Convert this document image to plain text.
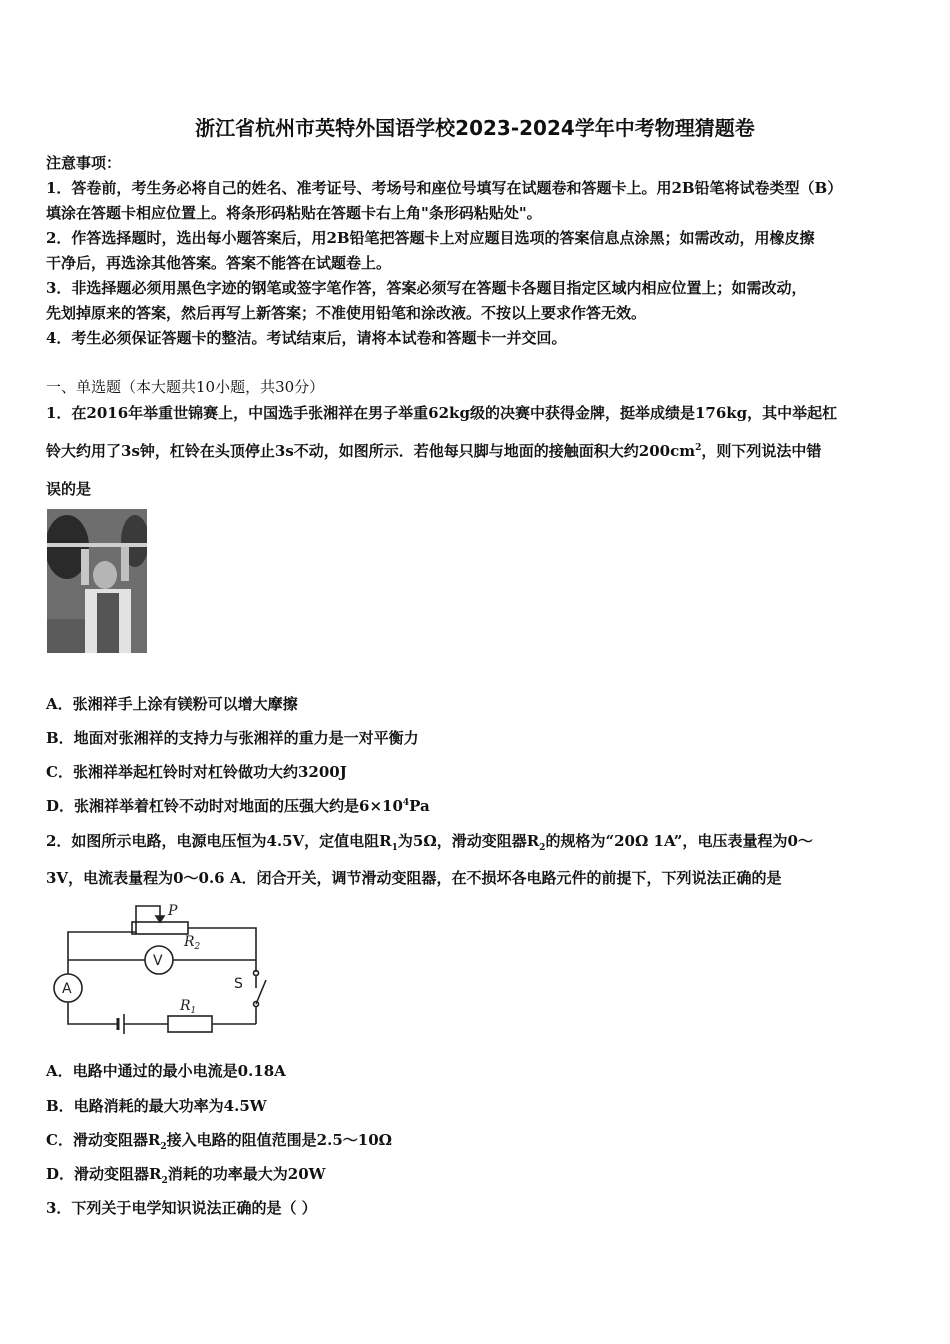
浙江省杭州市英特外国语学校2023-2024学年中考物理猜题卷
注意事项：
1．答卷前，考生务必将自己的姓名、准考证号、考场号和座位号填写在试题卷和答题卡上。用2B铅笔将试卷类型（B）
填涂在答题卡相应位置上。将条形码粘贴在答题卡右上角"条形码粘贴处"。
2．作答选择题时，选出每小题答案后，用2B铅笔把答题卡上对应题目选项的答案信息点涂黑；如需改动，用橡皮擦
干净后，再选涂其他答案。答案不能答在试题卷上。
3．非选择题必须用黑色字迹的钢笔或签字笔作答，答案必须写在答题卡各题目指定区域内相应位置上；如需改动，
先划掉原来的答案，然后再写上新答案；不准使用铅笔和涂改液。不按以上要求作答无效。
4．考生必须保证答题卡的整洁。考试结束后，请将本试卷和答题卡一并交回。
一、单选题（本大题共10小题，共30分）
1．在2016年举重世锦赛上，中国选手张湘祥在男子举重62kg级的决赛中获得金牌，挺举成绩是176kg，其中举起杠
铃大约用了3s钟，杠铃在头顶停止3s不动，如图所示．若他每只脚与地面的接触面积大约$200cm^2$，则下列说法中错
误的是
A．张湘祥手上涂有镁粉可以增大摩擦
B．地面对张湘祥的支持力与张湘祥的重力是一对平衡力
C．张湘祥举起杠铃时对杠铃做功大约3200J
D．张湘祥举着杠铃不动时对地面的压强大约是$6\times 10^4Pa$
2．如图所示电路，电源电压恒为4.5V，定值电阻$R_1$为5Ω，滑动变阻器$R_2$的规格为“20Ω 1A”，电压表量程为0～
3V，电流表量程为0～0.6 A．闭合开关，调节滑动变阻器，在不损坏各电路元件的前提下，下列说法正确的是
P
$R_2$
V
A	S
$R_1$
A．电路中通过的最小电流是0.18A
B．电路消耗的最大功率为4.5W
C．滑动变阻器$R_2$接入电路的阻值范围是2.5～10Ω
D．滑动变阻器$R_2$消耗的功率最大为20W
3．下列关于电学知识说法正确的是（ ）
